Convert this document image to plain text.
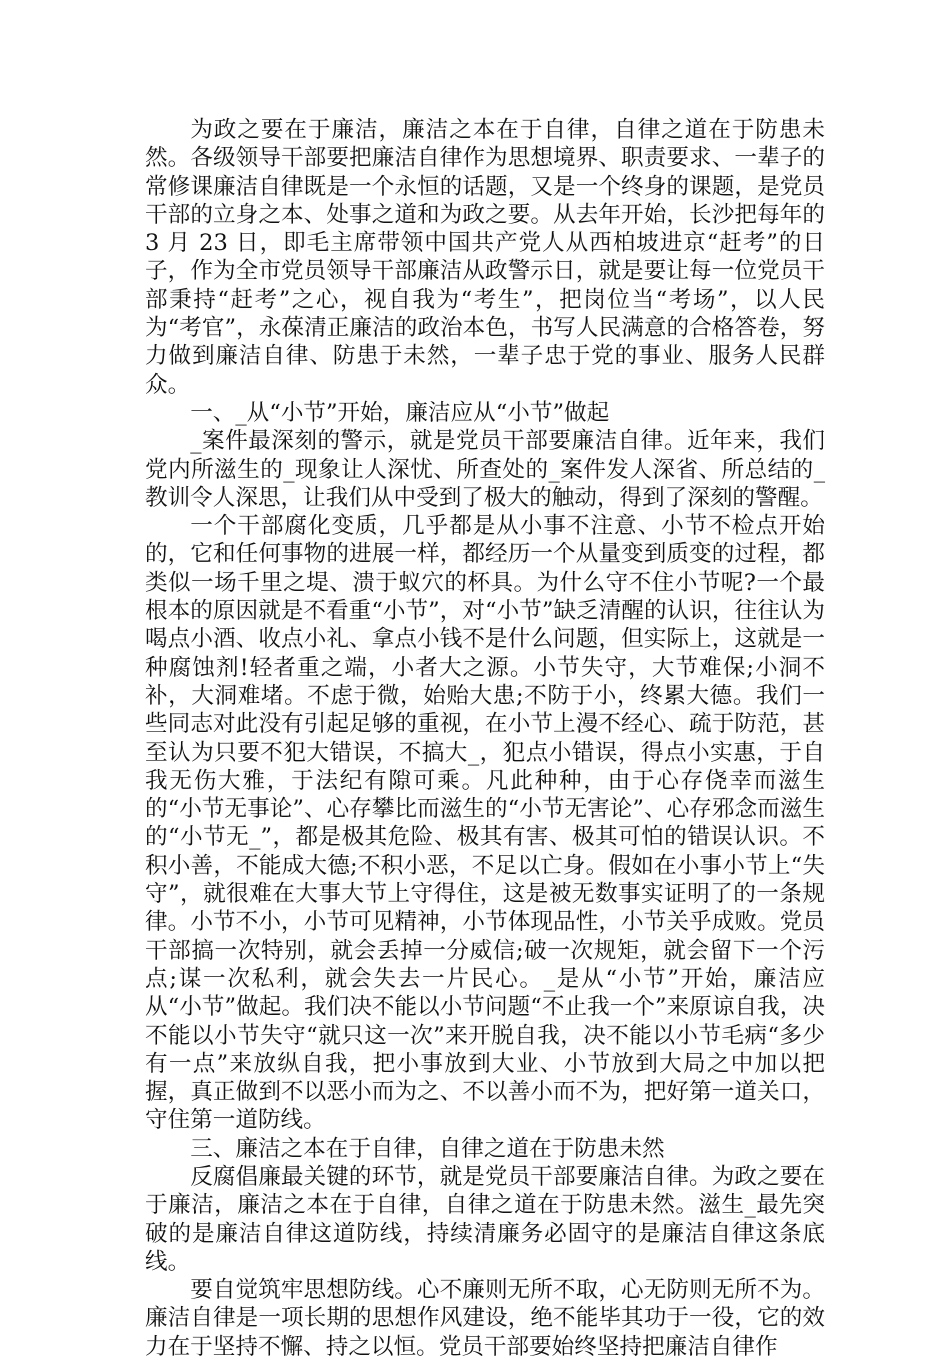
为政之要在于廉洁，廉洁之本在于自律，自律之道在于防患未然。各级领导干部要把廉洁自律作为思想境界、职责要求、一辈子的常修课廉洁自律既是一个永恒的话题，又是一个终身的课题，是党员干部的立身之本、处事之道和为政之要。从去年开始，长沙把每年的 3 月 23 日，即毛主席带领中国共产党人从西柏坡进京“赶考”的日子，作为全市党员领导干部廉洁从政警示日，就是要让每一位党员干部秉持“赶考”之心，视自我为“考生”，把岗位当“考场”，以人民为“考官”，永葆清正廉洁的政治本色，书写人民满意的合格答卷，努力做到廉洁自律、防患于未然，一辈子忠于党的事业、服务人民群众。

一、_从“小节”开始，廉洁应从“小节”做起

_案件最深刻的警示，就是党员干部要廉洁自律。近年来，我们党内所滋生的_现象让人深忧、所查处的_案件发人深省、所总结的_教训令人深思，让我们从中受到了极大的触动，得到了深刻的警醒。

一个干部腐化变质，几乎都是从小事不注意、小节不检点开始的，它和任何事物的进展一样，都经历一个从量变到质变的过程，都类似一场千里之堤、溃于蚁穴的杯具。为什么守不住小节呢?一个最根本的原因就是不看重“小节”，对“小节”缺乏清醒的认识，往往认为喝点小酒、收点小礼、拿点小钱不是什么问题，但实际上，这就是一种腐蚀剂!轻者重之端，小者大之源。小节失守，大节难保;小洞不补，大洞难堵。不虑于微，始贻大患;不防于小，终累大德。我们一些同志对此没有引起足够的重视，在小节上漫不经心、疏于防范，甚至认为只要不犯大错误，不搞大_，犯点小错误，得点小实惠，于自我无伤大雅，于法纪有隙可乘。凡此种种，由于心存侥幸而滋生的“小节无事论”、心存攀比而滋生的“小节无害论”、心存邪念而滋生的“小节无_”，都是极其危险、极其有害、极其可怕的错误认识。不积小善，不能成大德;不积小恶，不足以亡身。假如在小事小节上“失守”，就很难在大事大节上守得住，这是被无数事实证明了的一条规律。小节不小，小节可见精神，小节体现品性，小节关乎成败。党员干部搞一次特别，就会丢掉一分威信;破一次规矩，就会留下一个污点;谋一次私利，就会失去一片民心。_是从“小节”开始，廉洁应从“小节”做起。我们决不能以小节问题“不止我一个”来原谅自我，决不能以小节失守“就只这一次”来开脱自我，决不能以小节毛病“多少有一点”来放纵自我，把小事放到大业、小节放到大局之中加以把握，真正做到不以恶小而为之、不以善小而不为，把好第一道关口，守住第一道防线。

三、廉洁之本在于自律，自律之道在于防患未然

反腐倡廉最关键的环节，就是党员干部要廉洁自律。为政之要在于廉洁，廉洁之本在于自律，自律之道在于防患未然。滋生_最先突破的是廉洁自律这道防线，持续清廉务必固守的是廉洁自律这条底线。

要自觉筑牢思想防线。心不廉则无所不取，心无防则无所不为。廉洁自律是一项长期的思想作风建设，绝不能毕其功于一役，它的效力在于坚持不懈、持之以恒。党员干部要始终坚持把廉洁自律作
